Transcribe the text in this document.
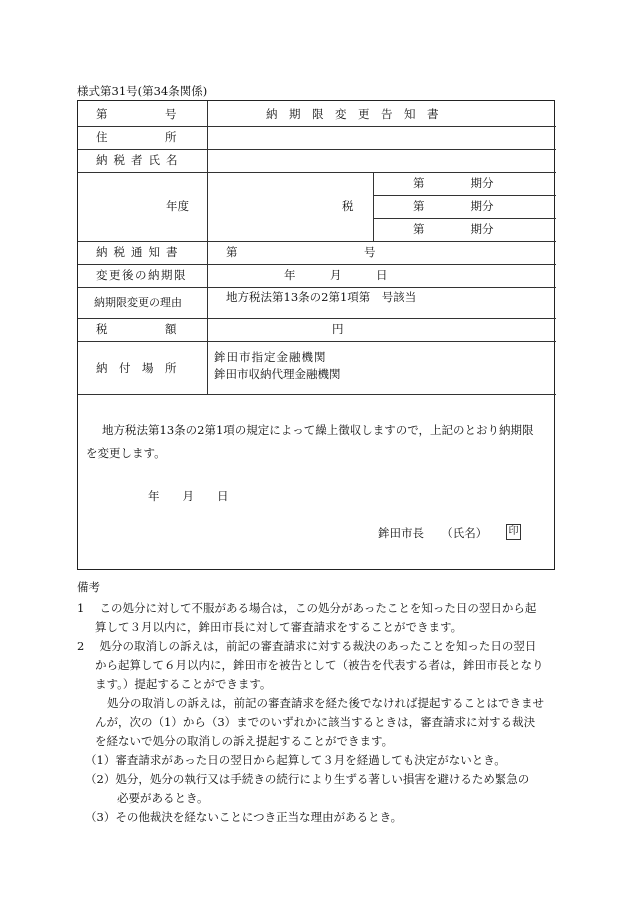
様式第31号(第34条関係)
第　　　　　号	納　期　限　変　更　告　知　書
住　　　　　所
納税者氏名
年度	税
第　　　　期分
第　　　　期分
第　　　　期分
納税通知書	第　　　　　　　　　　　号
変更後の納期限	年　　　月　　　日
納期限変更の理由	地方税法第13条の2第1項第　号該当
税　　　　　額	円
納　付　場　所
鉾田市指定金融機関
鉾田市収納代理金融機関
地方税法第13条の2第1項の規定によって繰上徴収しますので，上記のとおり納期限
を変更します。
年　　月　　日
鉾田市長　　（氏名） 印
備考
1　 この処分に対して不服がある場合は，この処分があったことを知った日の翌日から起
算して３月以内に，鉾田市長に対して審査請求をすることができます。
2　 処分の取消しの訴えは，前記の審査請求に対する裁決のあったことを知った日の翌日
から起算して６月以内に，鉾田市を被告として（被告を代表する者は，鉾田市長となり
ます。）提起することができます。
処分の取消しの訴えは，前記の審査請求を経た後でなければ提起することはできませ
んが，次の（1）から（3）までのいずれかに該当するときは，審査請求に対する裁決
を経ないで処分の取消しの訴え提起することができます。
（1）審査請求があった日の翌日から起算して３月を経過しても決定がないとき。
（2）処分，処分の執行又は手続きの続行により生ずる著しい損害を避けるため緊急の
必要があるとき。
（3）その他裁決を経ないことにつき正当な理由があるとき。
